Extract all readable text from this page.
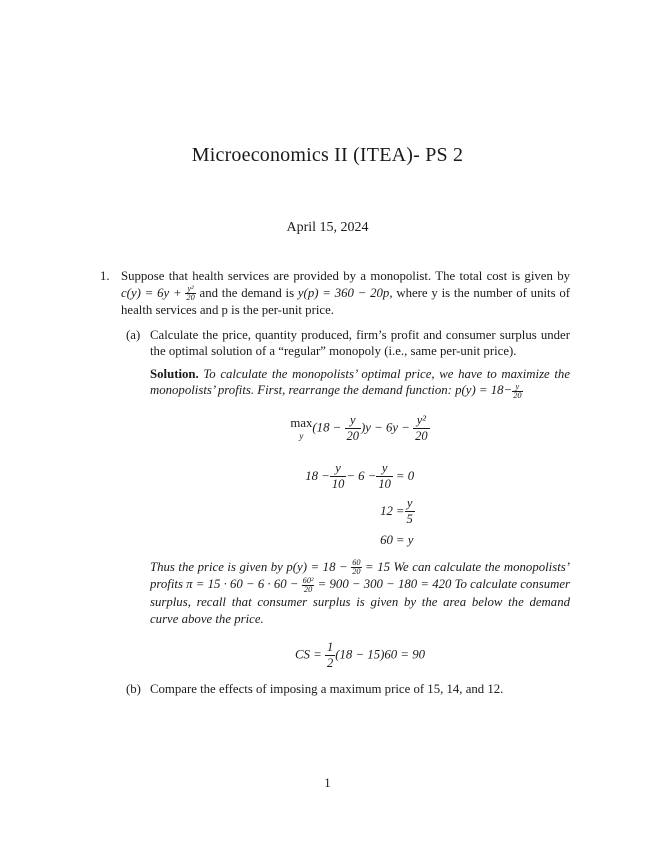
Microeconomics II (ITEA)- PS 2
April 15, 2024
1. Suppose that health services are provided by a monopolist. The total cost is given by $c(y) = 6y + \frac{\text{y²}}{20}$ and the demand is y(p) = 360 − 20p, where y is the number of units of health services and p is the per-unit price.
(a) Calculate the price, quantity produced, firm’s profit and consumer surplus under the optimal solution of a “regular” monopoly (i.e., same per-unit price).
Solution. To calculate the monopolists’ optimal price, we have to maximize the monopolists’ profits. First, rearrange the demand function: $p(y) = 18- \frac{y}{20}$
max
y
$(18 - \frac{y}{20} )y - 6y - \frac{\text{y²}}{20}$
$18 - \frac{y}{10} - 6 - \frac{y}{10} = 0$
$12 = \frac{y}{5}$
60 = y
Thus the price is given by $p(y) = 18 - \frac{60}{20} = 15$ We can calculate the monopolists’ profits $\pi = 15 \cdot 60 - 6 \cdot 60 - \frac{\text{60²}}{20} = 900 - 300 - 180 = 420$ To calculate consumer surplus, recall that consumer surplus is given by the area below the demand curve above the price.
CS = $\frac{1}{2} (18 - 15)60 = 90$
(b) Compare the effects of imposing a maximum price of 15, 14, and 12.
1
